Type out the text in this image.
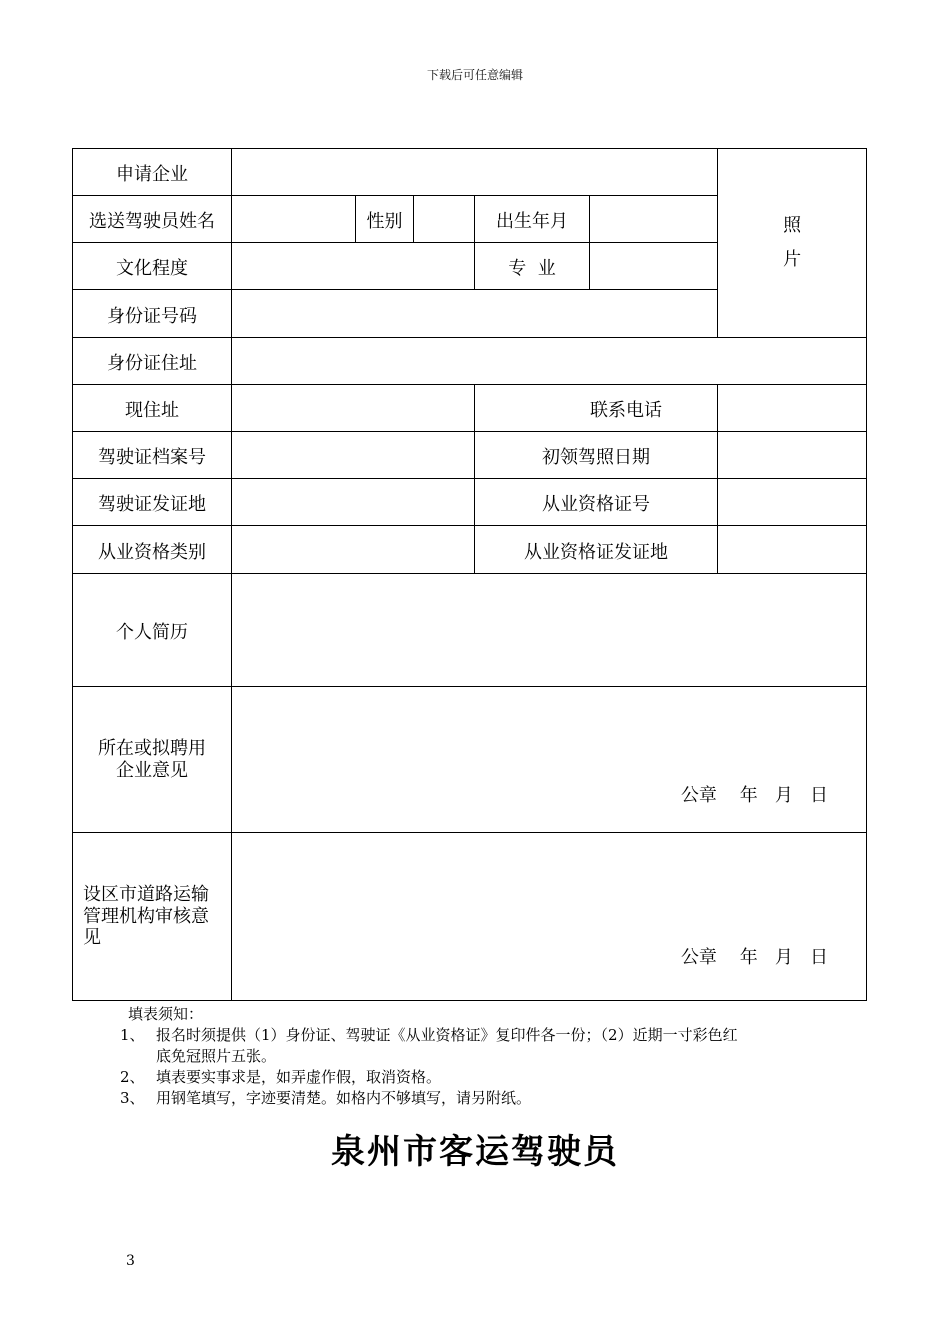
下载后可任意编辑
申请企业						照
片

选送驾驶员姓名		性别		出生年月		
文化程度				专  业		
身份证号码						
身份证住址						
现住址				联系电话		
驾驶证档案号				初领驾照日期		
驾驶证发证地				从业资格证号		
从业资格类别				从业资格证发证地		
个人简历						

所在或拟聘用
企业意见	公章    年   月   日					

设区市道路运输
管理机构审核意
见	公章    年   月   日					
填表须知：
1、 报名时须提供（1）身份证、驾驶证《从业资格证》复印件各一份；（2）近期一寸彩色红
底免冠照片五张。
2、 填表要实事求是，如弄虚作假，取消资格。
3、 用钢笔填写，字迹要清楚。如格内不够填写，请另附纸。
泉州市客运驾驶员
3
